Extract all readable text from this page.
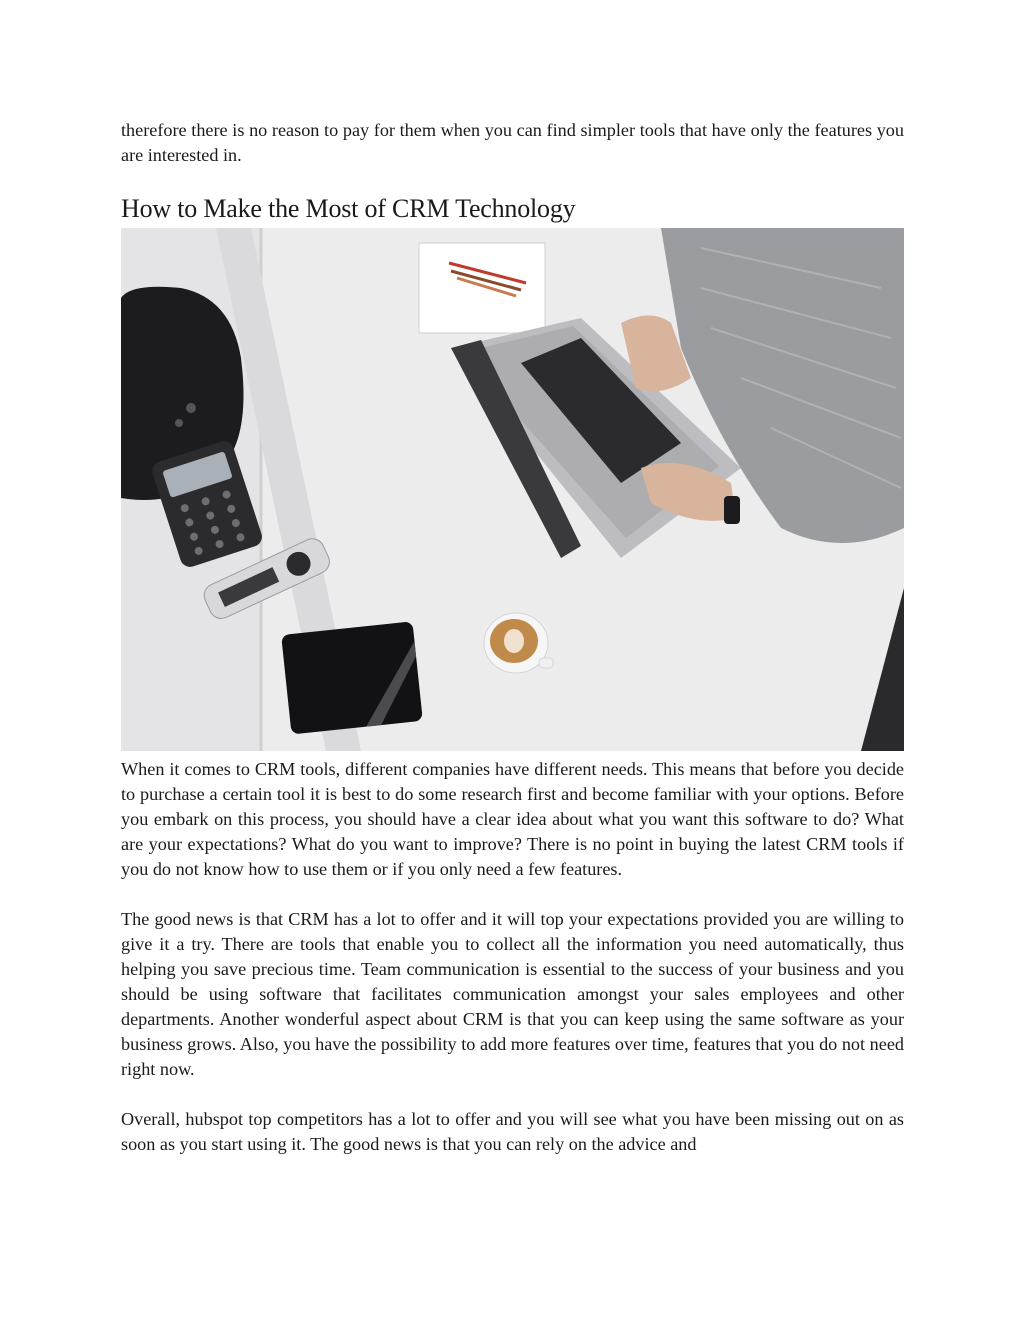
therefore there is no reason to pay for them when you can find simpler tools that have only the features you are interested in.

How to Make the Most of CRM Technology

When it comes to CRM tools, different companies have different needs. This means that before you decide to purchase a certain tool it is best to do some research first and become familiar with your options. Before you embark on this process, you should have a clear idea about what you want this software to do? What are your expectations? What do you want to improve? There is no point in buying the latest CRM tools if you do not know how to use them or if you only need a few features.

The good news is that CRM has a lot to offer and it will top your expectations provided you are willing to give it a try. There are tools that enable you to collect all the information you need automatically, thus helping you save precious time. Team communication is essential to the success of your business and you should be using software that facilitates communication amongst your sales employees and other departments. Another wonderful aspect about CRM is that you can keep using the same software as your business grows. Also, you have the possibility to add more features over time, features that you do not need right now.

Overall, hubspot top competitors has a lot to offer and you will see what you have been missing out on as soon as you start using it. The good news is that you can rely on the advice and
